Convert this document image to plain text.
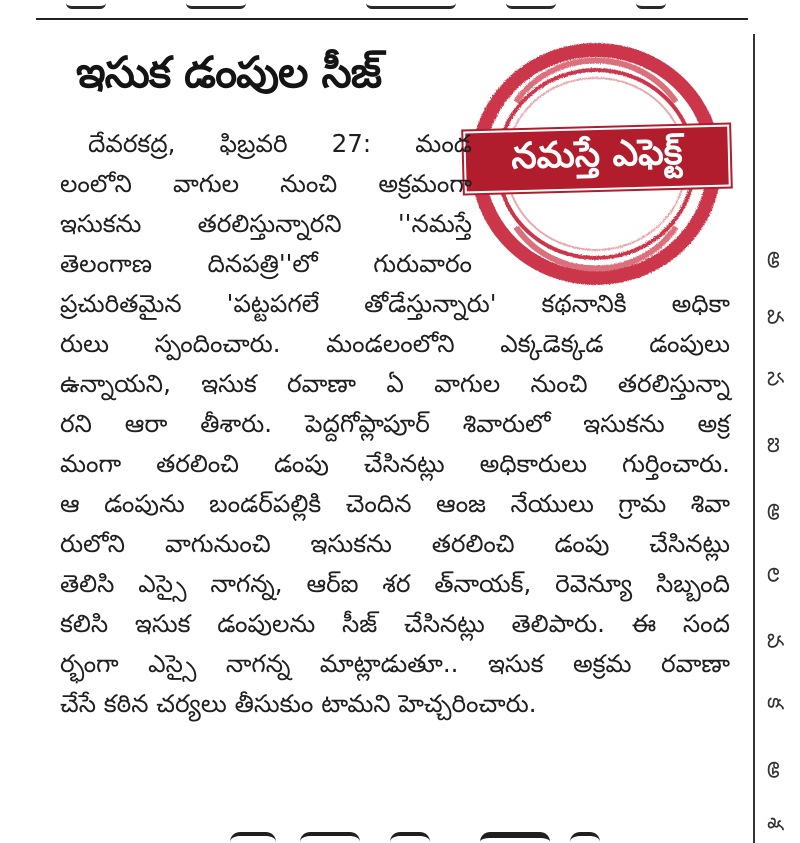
అ
వ
స
ఐ
అ
ల
వ
క
అ
శ
ఇసుక డంపుల సీజ్
నమస్తే ఎఫెక్ట్
దేవరకద్ర, ఫిబ్రవరి 27: మండ
లంలోని వాగుల నుంచి అక్రమంగా
ఇసుకను తరలిస్తున్నారని ''నమస్తే
తెలంగాణ దినపత్రి''లో గురువారం
ప్రచురితమైన 'పట్టపగలే తోడేస్తున్నారు' కథనానికి అధికా
రులు స్పందించారు. మండలంలోని ఎక్కడెక్కడ డంపులు
ఉన్నాయని, ఇసుక రవాణా ఏ వాగుల నుంచి తరలిస్తున్నా
రని ఆరా తీశారు. పెద్దగోప్లాపూర్ శివారులో ఇసుకను అక్ర
మంగా తరలించి డంపు చేసినట్లు అధికారులు గుర్తించారు.
ఆ డంపును బండర్‌పల్లికి చెందిన ఆంజ నేయులు గ్రామ శివా
రులోని వాగునుంచి ఇసుకను తరలించి డంపు చేసినట్లు
తెలిసి ఎస్సై నాగన్న, ఆర్ఐ శర త్‌నాయక్, రెవెన్యూ సిబ్బంది
కలిసి ఇసుక డంపులను సీజ్ చేసినట్లు తెలిపారు. ఈ సంద
ర్భంగా ఎస్సై నాగన్న మాట్లాడుతూ.. ఇసుక అక్రమ రవాణా
చేసే కఠిన చర్యలు తీసుకుం టామని హెచ్చరించారు.
